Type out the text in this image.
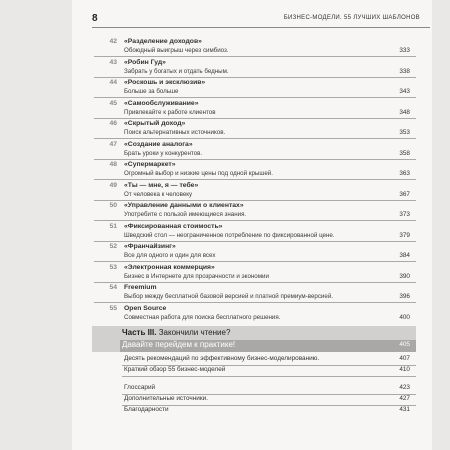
8	БИЗНЕС-МОДЕЛИ. 55 ЛУЧШИХ ШАБЛОНОВ
42 «Разделение доходов»
Обоюдный выигрыш через симбиоз.	333
43 «Робин Гуд»
Забрать у богатых и отдать бедным.	338
44 «Роскошь и эксклюзив»
Больше за больше	343
45 «Самообслуживание»
Привлекайте к работе клиентов	348
46 «Скрытый доход»
Поиск альтернативных источников.	353
47 «Создание аналога»
Брать уроки у конкурентов.	358
48 «Супермаркет»
Огромный выбор и низкие цены под одной крышей.	363
49 «Ты — мне, я — тебе»
От человека к человеку	367
50 «Управление данными о клиентах»
Употребите с пользой имеющиеся знания.	373
51 «Фиксированная стоимость»
Шведский стол — неограниченное потребление по фиксированной цене.	379
52 «Франчайзинг»
Все для одного и один для всех	384
53 «Электронная коммерция»
Бизнес в Интернете для прозрачности и экономии	390
54 Freemium
Выбор между бесплатной базовой версией и платной премиум-версией.	396
55 Open Source
Совместная работа для поиска бесплатного решения.	400
Часть III. Закончили чтение?
Давайте перейдем к практике!	405
Десять рекомендаций по эффективному бизнес-моделированию.	407
Краткий обзор 55 бизнес-моделей	410
Глоссарий	423
Дополнительные источники.	427
Благодарности	431
